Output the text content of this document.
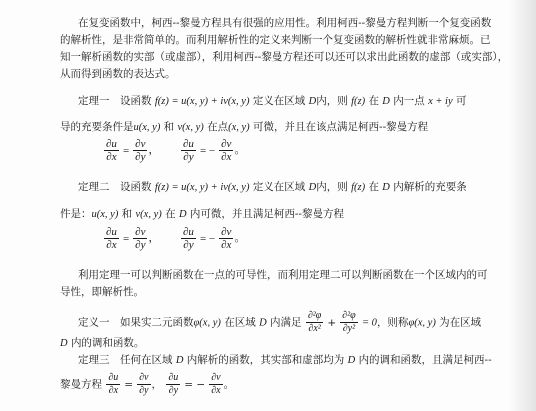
在复变函数中，柯西--黎曼方程具有很强的应用性。利用柯西--黎曼方程判断一个复变函数
的解析性，是非常简单的。而利用解析性的定义来判断一个复变函数的解析性就非常麻烦。已
知一解析函数的实部（或虚部），利用柯西--黎曼方程还可以还可以求出此函数的虚部（或实部），
从而得到函数的表达式。
定理一　设函数 f(z) = u(x, y) + iv(x, y) 定义在区域 D内，则 f(z) 在 D 内一点 x + iy 可
导的充要条件是u(x, y) 和 v(x, y) 在点(x, y) 可微，并且在该点满足柯西--黎曼方程
$\frac{\partial u}{\partial x} = \frac{\partial v}{\partial y}$ ， $\frac{\partial u}{\partial y}$ = − $\frac{\partial v}{\partial x}$ 。
定理二　设函数 f(z) = u(x, y) + iv(x, y) 定义在区域 D内，则 f(z) 在 D 内解析的充要条
件是：u(x, y) 和 v(x, y) 在 D 内可微，并且满足柯西--黎曼方程
$\frac{\partial u}{\partial x} = \frac{\partial v}{\partial y}$ ， $\frac{\partial u}{\partial y}$ = − $\frac{\partial v}{\partial x}$ 。
利用定理一可以判断函数在一点的可导性，而利用定理二可以判断函数在一个区域内的可
导性，即解析性。
定义一　如果实二元函数φ(x, y) 在区域 D 内满足 $\frac{\text{∂²φ}}{\text{∂x²}} + \frac{\text{∂²φ}}{\text{∂y²}} = 0$，则称φ(x, y) 为在区域
D 内的调和函数。
定理三　任何在区域 D 内解析的函数，其实部和虚部均为 D 内的调和函数，且满足柯西--
黎曼方程 $\frac{\partial u}{\partial x} = \frac{\partial v}{\partial y}$ ， $\frac{\partial u}{\partial y}$ = − $\frac{\partial v}{\partial x}$ 。
